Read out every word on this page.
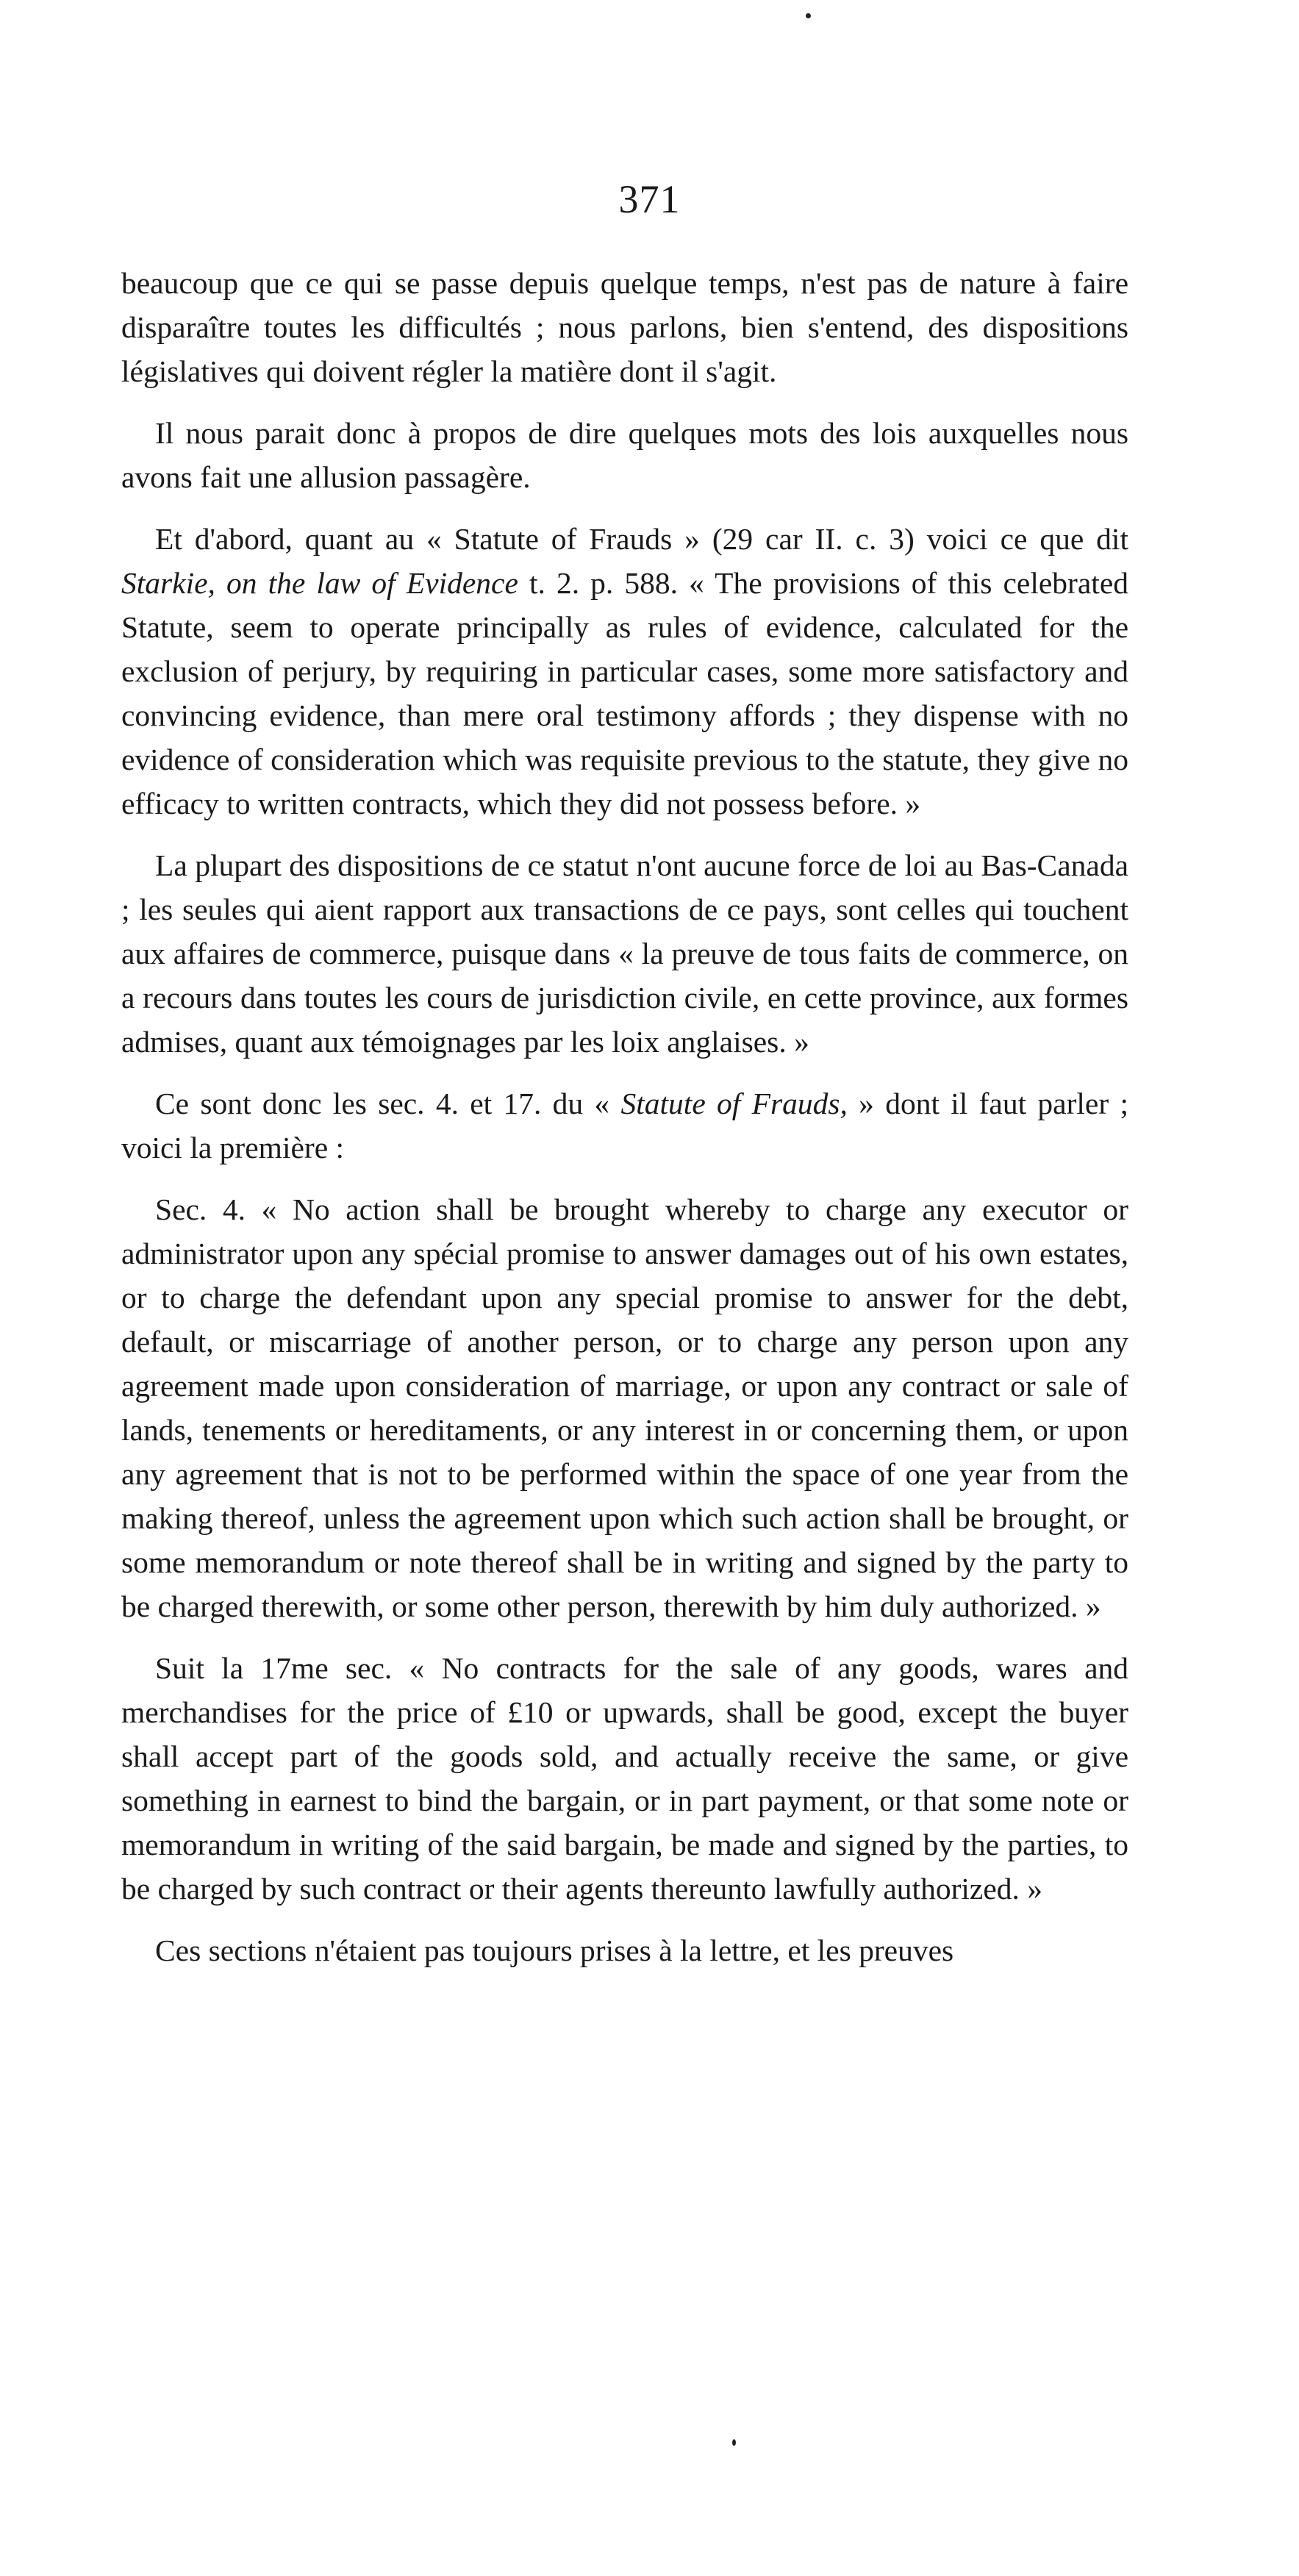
371

beaucoup que ce qui se passe depuis quelque temps, n'est pas de nature à faire disparaître toutes les difficultés ; nous parlons, bien s'entend, des dispositions législatives qui doivent régler la matière dont il s'agit.

Il nous parait donc à propos de dire quelques mots des lois auxquelles nous avons fait une allusion passagère.

Et d'abord, quant au « Statute of Frauds » (29 car II. c. 3) voici ce que dit Starkie, on the law of Evidence t. 2. p. 588. « The provisions of this celebrated Statute, seem to operate principally as rules of evidence, calculated for the exclusion of perjury, by requiring in particular cases, some more satisfactory and convincing evidence, than mere oral testimony affords ; they dispense with no evidence of consideration which was requisite previous to the statute, they give no efficacy to written contracts, which they did not possess before. »

La plupart des dispositions de ce statut n'ont aucune force de loi au Bas-Canada ; les seules qui aient rapport aux transactions de ce pays, sont celles qui touchent aux affaires de commerce, puisque dans « la preuve de tous faits de commerce, on a recours dans toutes les cours de jurisdiction civile, en cette province, aux formes admises, quant aux témoignages par les loix anglaises. »

Ce sont donc les sec. 4. et 17. du « Statute of Frauds, » dont il faut parler ; voici la première :

Sec. 4. « No action shall be brought whereby to charge any executor or administrator upon any spécial promise to answer damages out of his own estates, or to charge the defendant upon any special promise to answer for the debt, default, or miscarriage of another person, or to charge any person upon any agreement made upon consideration of marriage, or upon any contract or sale of lands, tenements or hereditaments, or any interest in or concerning them, or upon any agreement that is not to be performed within the space of one year from the making thereof, unless the agreement upon which such action shall be brought, or some memorandum or note thereof shall be in writing and signed by the party to be charged therewith, or some other person, therewith by him duly authorized. »

Suit la 17me sec. « No contracts for the sale of any goods, wares and merchandises for the price of £10 or upwards, shall be good, except the buyer shall accept part of the goods sold, and actually receive the same, or give something in earnest to bind the bargain, or in part payment, or that some note or memorandum in writing of the said bargain, be made and signed by the parties, to be charged by such contract or their agents thereunto lawfully authorized. »

Ces sections n'étaient pas toujours prises à la lettre, et les preuves
